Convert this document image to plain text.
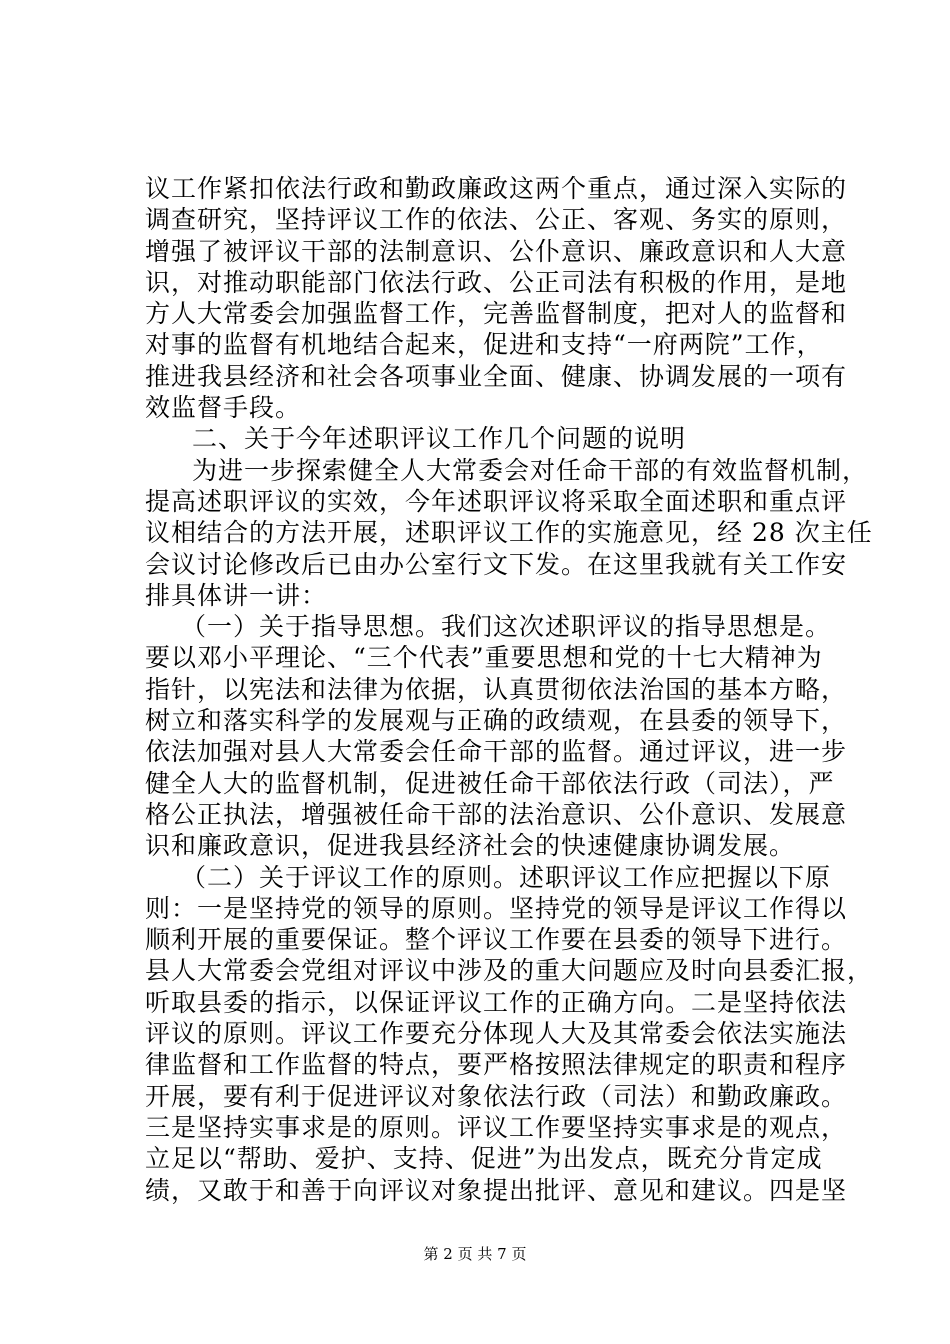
议工作紧扣依法行政和勤政廉政这两个重点，通过深入实际的
调查研究，坚持评议工作的依法、公正、客观、务实的原则，
增强了被评议干部的法制意识、公仆意识、廉政意识和人大意
识，对推动职能部门依法行政、公正司法有积极的作用，是地
方人大常委会加强监督工作，完善监督制度，把对人的监督和
对事的监督有机地结合起来，促进和支持“一府两院”工作，
推进我县经济和社会各项事业全面、健康、协调发展的一项有
效监督手段。
二、关于今年述职评议工作几个问题的说明
为进一步探索健全人大常委会对任命干部的有效监督机制，
提高述职评议的实效，今年述职评议将采取全面述职和重点评
议相结合的方法开展，述职评议工作的实施意见，经 28 次主任
会议讨论修改后已由办公室行文下发。在这里我就有关工作安
排具体讲一讲：
（一）关于指导思想。我们这次述职评议的指导思想是。
要以邓小平理论、“三个代表”重要思想和党的十七大精神为
指针，以宪法和法律为依据，认真贯彻依法治国的基本方略，
树立和落实科学的发展观与正确的政绩观，在县委的领导下，
依法加强对县人大常委会任命干部的监督。通过评议，进一步
健全人大的监督机制，促进被任命干部依法行政（司法），严
格公正执法，增强被任命干部的法治意识、公仆意识、发展意
识和廉政意识，促进我县经济社会的快速健康协调发展。
（二）关于评议工作的原则。述职评议工作应把握以下原
则：一是坚持党的领导的原则。坚持党的领导是评议工作得以
顺利开展的重要保证。整个评议工作要在县委的领导下进行。
县人大常委会党组对评议中涉及的重大问题应及时向县委汇报，
听取县委的指示，以保证评议工作的正确方向。二是坚持依法
评议的原则。评议工作要充分体现人大及其常委会依法实施法
律监督和工作监督的特点，要严格按照法律规定的职责和程序
开展，要有利于促进评议对象依法行政（司法）和勤政廉政。
三是坚持实事求是的原则。评议工作要坚持实事求是的观点，
立足以“帮助、爱护、支持、促进”为出发点，既充分肯定成
绩，又敢于和善于向评议对象提出批评、意见和建议。四是坚
第 2 页 共 7 页
